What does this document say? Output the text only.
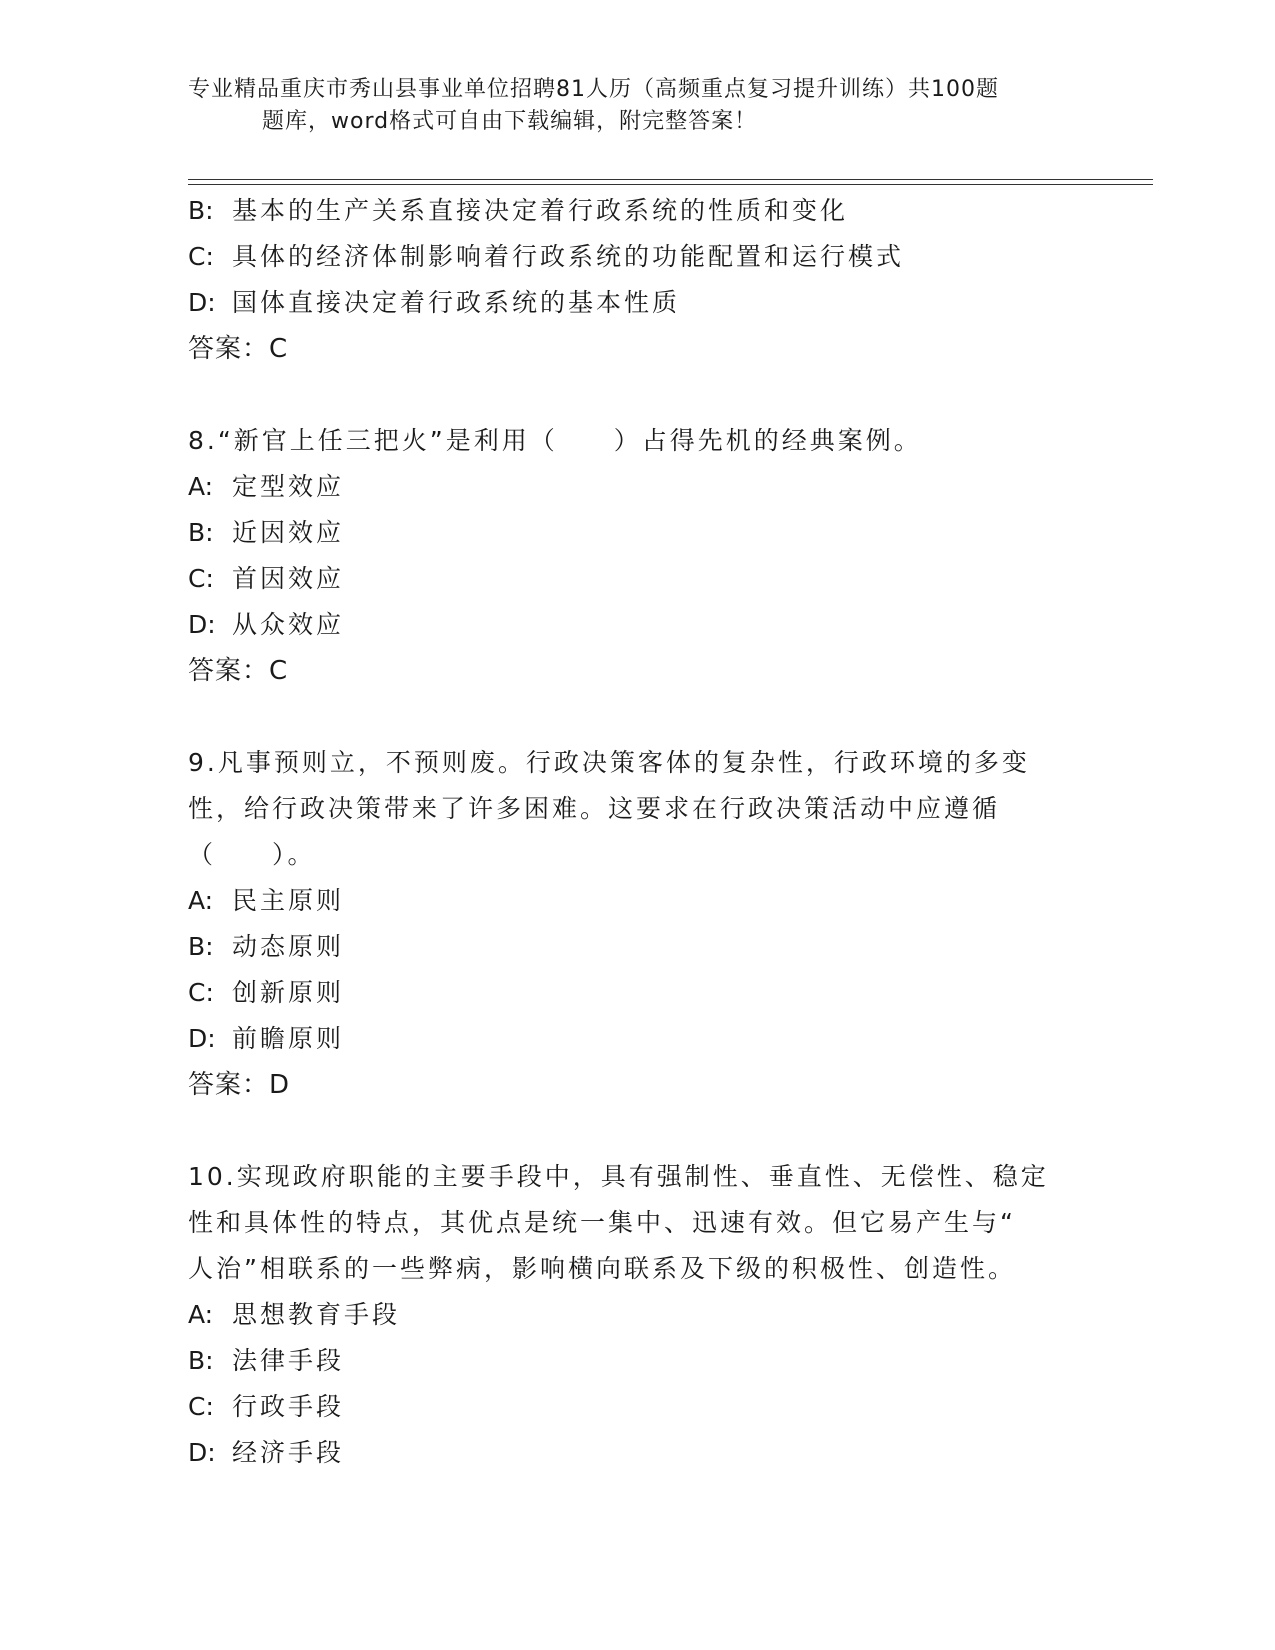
专业精品重庆市秀山县事业单位招聘81人历（高频重点复习提升训练）共100题
题库，word格式可自由下载编辑，附完整答案！
B: 基本的生产关系直接决定着行政系统的性质和变化
C: 具体的经济体制影响着行政系统的功能配置和运行模式
D: 国体直接决定着行政系统的基本性质
答案：C
8.“新官上任三把火”是利用（　　）占得先机的经典案例。
A: 定型效应
B: 近因效应
C: 首因效应
D: 从众效应
答案：C
9.凡事预则立，不预则废。行政决策客体的复杂性，行政环境的多变
性，给行政决策带来了许多困难。这要求在行政决策活动中应遵循
（　　）。
A: 民主原则
B: 动态原则
C: 创新原则
D: 前瞻原则
答案：D
10.实现政府职能的主要手段中，具有强制性、垂直性、无偿性、稳定
性和具体性的特点，其优点是统一集中、迅速有效。但它易产生与“
人治”相联系的一些弊病，影响横向联系及下级的积极性、创造性。
A: 思想教育手段
B: 法律手段
C: 行政手段
D: 经济手段
